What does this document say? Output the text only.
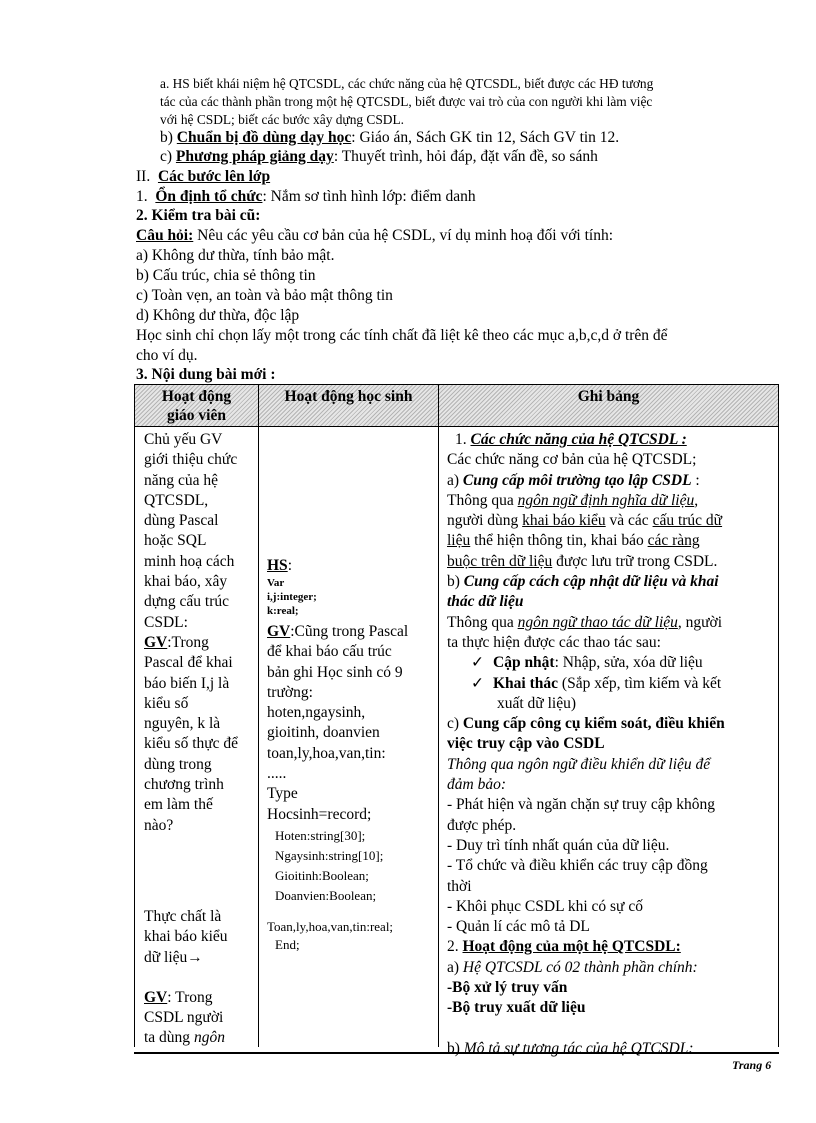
a. HS biết khái niệm hệ QTCSDL, các chức năng của hệ QTCSDL, biết được các HĐ tương
tác của các thành phần trong một hệ QTCSDL, biết được vai trò của con người khi làm việc
với hệ CSDL; biết các bước xây dựng CSDL.
b) Chuẩn bị đồ dùng dạy học: Giáo án, Sách GK tin 12, Sách GV tin 12.
c) Phương pháp giảng dạy: Thuyết trình, hỏi đáp, đặt vấn đề, so sánh
II. Các bước lên lớp
1. Ổn định tổ chức: Nắm sơ tình hình lớp: điểm danh
2. Kiểm tra bài cũ:
Câu hỏi: Nêu các yêu cầu cơ bản của hệ CSDL, ví dụ minh hoạ đối với tính:
a) Không dư thừa, tính bảo mật.
b) Cấu trúc, chia sẻ thông tin
c) Toàn vẹn, an toàn và bảo mật thông tin
d) Không dư thừa, độc lập
Học sinh chỉ chọn lấy một trong các tính chất đã liệt kê theo các mục a,b,c,d ở trên để
cho ví dụ.
3. Nội dung bài mới :
Hoạt động
giáo viên
Hoạt động học sinh	Ghi bảng
Chủ yếu GV
giới thiệu chức
năng của hệ
QTCSDL,
dùng Pascal
hoặc SQL
minh hoạ cách
khai báo, xây
dựng cấu trúc
CSDL:
GV:Trong
Pascal để khai
báo biến I,j là
kiểu số
nguyên, k là
kiểu số thực để
dùng trong
chương trình
em làm thế
nào?
Thực chất là
khai báo kiểu
dữ liệu→
GV: Trong
CSDL người
ta dùng ngôn
HS:
Var
i,j:integer;
k:real;
GV:Cũng trong Pascal
để khai báo cấu trúc
bản ghi Học sinh có 9
trường:
hoten,ngaysinh,
gioitinh, doanvien
toan,ly,hoa,van,tin:
.....
Type
Hocsinh=record;
Hoten:string[30];
Ngaysinh:string[10];
Gioitinh:Boolean;
Doanvien:Boolean;
Toan,ly,hoa,van,tin:real;
End;
1. Các chức năng của hệ QTCSDL :
Các chức năng cơ bản của hệ QTCSDL;
a) Cung cấp môi trường tạo lập CSDL :
Thông qua ngôn ngữ định nghĩa dữ liệu,
người dùng khai báo kiểu và các cấu trúc dữ
liệu thể hiện thông tin, khai báo các ràng
buộc trên dữ liệu được lưu trữ trong CSDL.
b) Cung cấp cách cập nhật dữ liệu và khai
thác dữ liệu
Thông qua ngôn ngữ thao tác dữ liệu, người
ta thực hiện được các thao tác sau:
✓ Cập nhật: Nhập, sửa, xóa dữ liệu
✓ Khai thác (Sắp xếp, tìm kiếm và kết
xuất dữ liệu)
c) Cung cấp công cụ kiểm soát, điều khiển
việc truy cập vào CSDL
Thông qua ngôn ngữ điều khiển dữ liệu để
đảm bảo:
- Phát hiện và ngăn chặn sự truy cập không
được phép.
- Duy trì tính nhất quán của dữ liệu.
- Tổ chức và điều khiển các truy cập đồng
thời
- Khôi phục CSDL khi có sự cố
- Quản lí các mô tả DL
2. Hoạt động của một hệ QTCSDL:
a) Hệ QTCSDL có 02 thành phần chính:
-Bộ xử lý truy vấn
-Bộ truy xuất dữ liệu
b) Mô tả sự tương tác của hệ QTCSDL:
Trang 6
